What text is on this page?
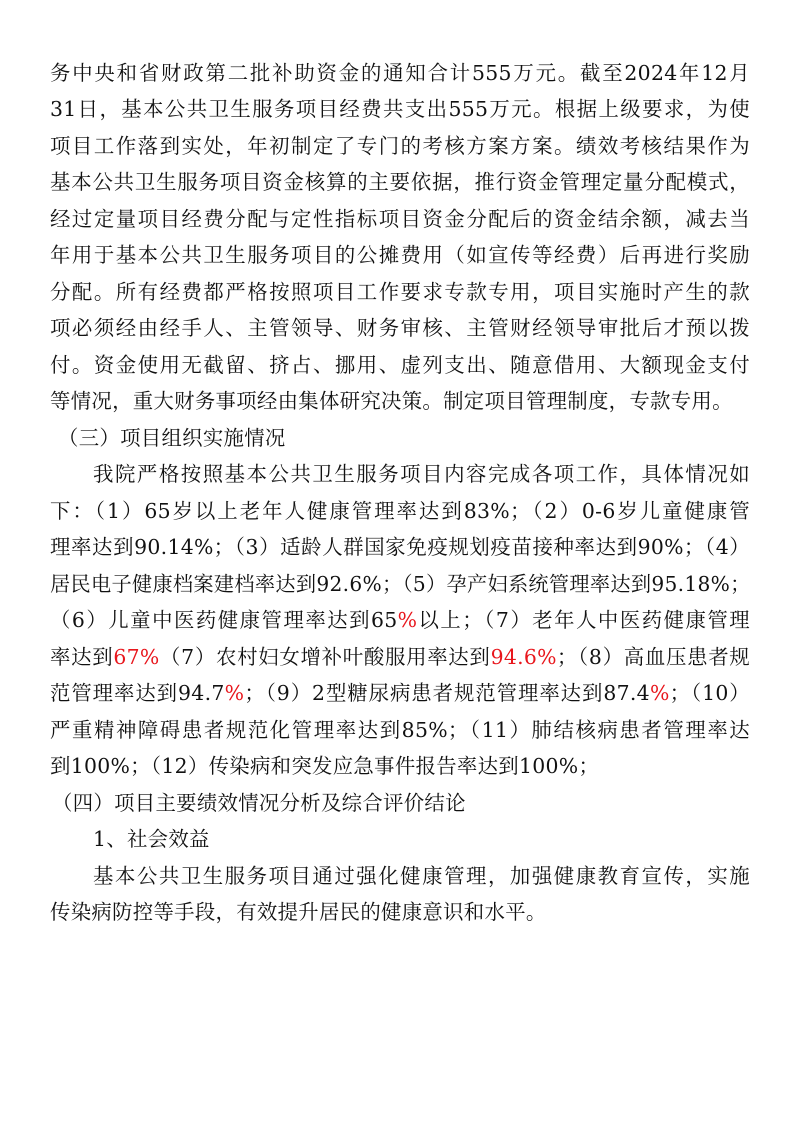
务中央和省财政第二批补助资金的通知合计555万元。截至2024年12月
31日，基本公共卫生服务项目经费共支出555万元。根据上级要求，为使
项目工作落到实处，年初制定了专门的考核方案方案。绩效考核结果作为
基本公共卫生服务项目资金核算的主要依据，推行资金管理定量分配模式，
经过定量项目经费分配与定性指标项目资金分配后的资金结余额，减去当
年用于基本公共卫生服务项目的公摊费用（如宣传等经费）后再进行奖励
分配。所有经费都严格按照项目工作要求专款专用，项目实施时产生的款
项必须经由经手人、主管领导、财务审核、主管财经领导审批后才预以拨
付。资金使用无截留、挤占、挪用、虚列支出、随意借用、大额现金支付
等情况，重大财务事项经由集体研究决策。制定项目管理制度，专款专用。
（三）项目组织实施情况
我院严格按照基本公共卫生服务项目内容完成各项工作，具体情况如
下：（1）65岁以上老年人健康管理率达到83%；（2）0-6岁儿童健康管
理率达到90.14%；（3）适龄人群国家免疫规划疫苗接种率达到90%；（4）
居民电子健康档案建档率达到92.6%；（5）孕产妇系统管理率达到95.18%；
（6）儿童中医药健康管理率达到65%以上；（7）老年人中医药健康管理
率达到67%（7）农村妇女增补叶酸服用率达到94.6%；（8）高血压患者规
范管理率达到94.7%；（9）2型糖尿病患者规范管理率达到87.4%；（10）
严重精神障碍患者规范化管理率达到85%；（11）肺结核病患者管理率达
到100%；（12）传染病和突发应急事件报告率达到100%；
（四）项目主要绩效情况分析及综合评价结论
1、社会效益
基本公共卫生服务项目通过强化健康管理，加强健康教育宣传，实施
传染病防控等手段，有效提升居民的健康意识和水平。
